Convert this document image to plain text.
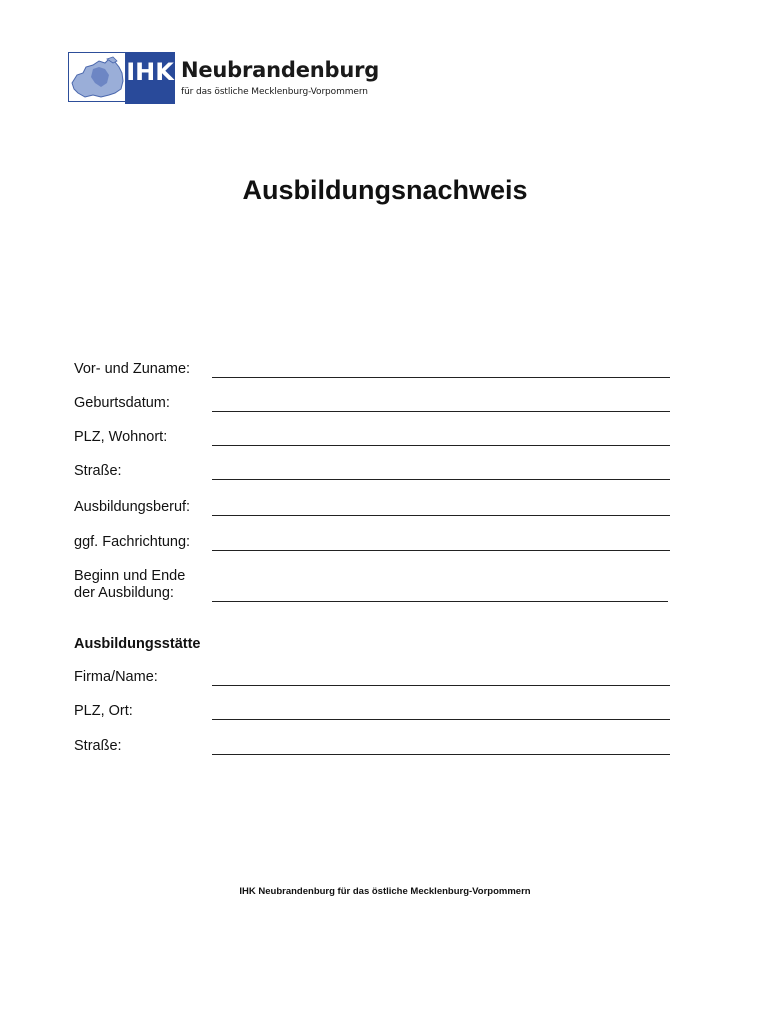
IHK Neubrandenburg
für das östliche Mecklenburg-Vorpommern
Ausbildungsnachweis
Vor- und Zuname:
Geburtsdatum:
PLZ, Wohnort:
Straße:
Ausbildungsberuf:
ggf. Fachrichtung:
Beginn und Ende
der Ausbildung:
Ausbildungsstätte
Firma/Name:
PLZ, Ort:
Straße:
IHK Neubrandenburg für das östliche Mecklenburg-Vorpommern
